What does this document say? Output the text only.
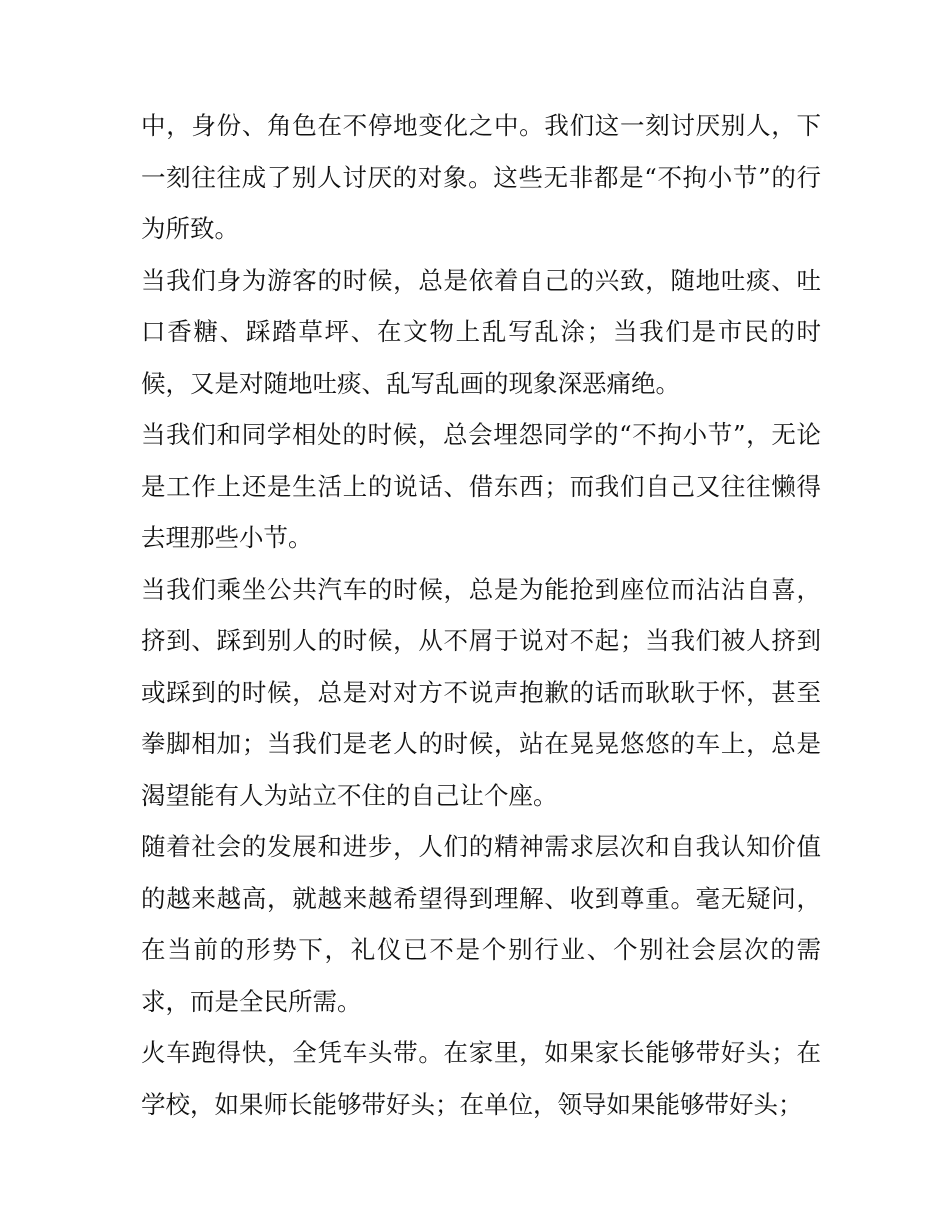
中，身份、角色在不停地变化之中。我们这一刻讨厌别人，下一刻往往成了别人讨厌的对象。这些无非都是“不拘小节”的行为所致。

当我们身为游客的时候，总是依着自己的兴致，随地吐痰、吐口香糖、踩踏草坪、在文物上乱写乱涂；当我们是市民的时候，又是对随地吐痰、乱写乱画的现象深恶痛绝。

当我们和同学相处的时候，总会埋怨同学的“不拘小节”，无论是工作上还是生活上的说话、借东西；而我们自己又往往懒得去理那些小节。

当我们乘坐公共汽车的时候，总是为能抢到座位而沾沾自喜，挤到、踩到别人的时候，从不屑于说对不起；当我们被人挤到或踩到的时候，总是对对方不说声抱歉的话而耿耿于怀，甚至拳脚相加；当我们是老人的时候，站在晃晃悠悠的车上，总是渴望能有人为站立不住的自己让个座。

随着社会的发展和进步，人们的精神需求层次和自我认知价值的越来越高，就越来越希望得到理解、收到尊重。毫无疑问，在当前的形势下，礼仪已不是个别行业、个别社会层次的需求，而是全民所需。

火车跑得快，全凭车头带。在家里，如果家长能够带好头；在学校，如果师长能够带好头；在单位，领导如果能够带好头；
